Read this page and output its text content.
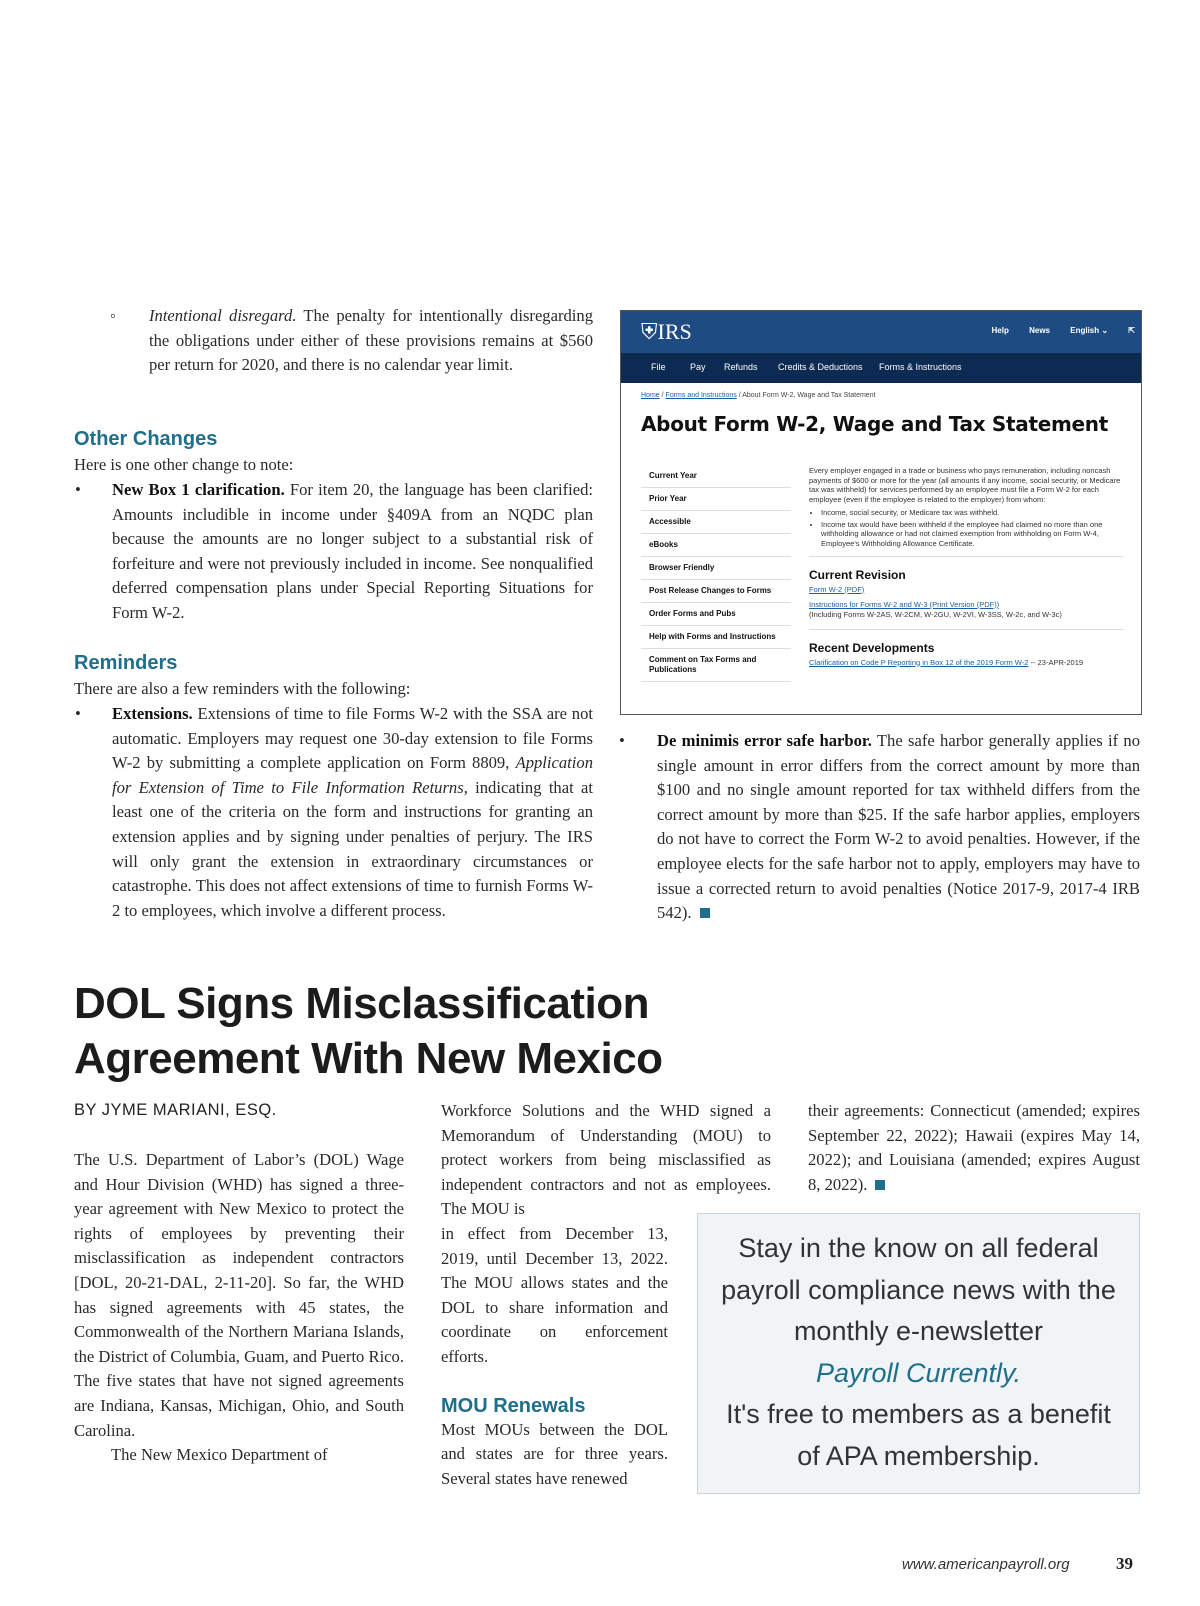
◦ Intentional disregard. The penalty for intentionally disregarding the obligations under either of these provisions remains at $560 per return for 2020, and there is no calendar year limit.
Other Changes
Here is one other change to note:
• New Box 1 clarification. For item 20, the language has been clarified: Amounts includible in income under §409A from an NQDC plan because the amounts are no longer subject to a substantial risk of forfeiture and were not previously included in income. See nonqualified deferred compensation plans under Special Reporting Situations for Form W-2.
Reminders
There are also a few reminders with the following:
• Extensions. Extensions of time to file Forms W-2 with the SSA are not automatic. Employers may request one 30-day extension to file Forms W-2 by submitting a complete application on Form 8809, Application for Extension of Time to File Information Returns, indicating that at least one of the criteria on the form and instructions for granting an extension applies and by signing under penalties of perjury. The IRS will only grant the extension in extraordinary circumstances or catastrophe. This does not affect extensions of time to furnish Forms W-2 to employees, which involve a different process.
⛨IRS	Help	News	English ⌄	⇱
File	Pay Refunds Credits & Deductions Forms & Instructions
Home / Forms and Instructions / About Form W-2, Wage and Tax Statement
About Form W-2, Wage and Tax Statement
Current Year
Prior Year
Accessible
eBooks
Browser Friendly
Post Release Changes to Forms
Order Forms and Pubs
Help with Forms and Instructions
Comment on Tax Forms and Publications
Every employer engaged in a trade or business who pays remuneration, including noncash payments of $600 or more for the year (all amounts if any income, social security, or Medicare tax was withheld) for services performed by an employee must file a Form W-2 for each employee (even if the employee is related to the employer) from whom:
• Income, social security, or Medicare tax was withheld.
• Income tax would have been withheld if the employee had claimed no more than one withholding allowance or had not claimed exemption from withholding on Form W-4, Employee's Withholding Allowance Certificate.
Current Revision
Form W-2 (PDF)
Instructions for Forms W-2 and W-3 (Print Version (PDF))
(Including Forms W-2AS, W-2CM, W-2GU, W-2VI, W-3SS, W-2c, and W-3c)
Recent Developments
Clarification on Code P Reporting in Box 12 of the 2019 Form W-2 -- 23-APR-2019
• De minimis error safe harbor. The safe harbor generally applies if no single amount in error differs from the correct amount by more than $100 and no single amount reported for tax withheld differs from the correct amount by more than $25. If the safe harbor applies, employers do not have to correct the Form W-2 to avoid penalties. However, if the employee elects for the safe harbor not to apply, employers may have to issue a corrected return to avoid penalties (Notice 2017-9, 2017-4 IRB 542).
DOL Signs Misclassification
Agreement With New Mexico
BY JYME MARIANI, ESQ.
The U.S. Department of Labor’s (DOL) Wage and Hour Division (WHD) has signed a three-year agreement with New Mexico to protect the rights of employees by preventing their misclassification as independent contractors [DOL, 20-21-DAL, 2-11-20]. So far, the WHD has signed agreements with 45 states, the Commonwealth of the Northern Mariana Islands, the District of Columbia, Guam, and Puerto Rico. The five states that have not signed agreements are Indiana, Kansas, Michigan, Ohio, and South Carolina.
The New Mexico Department of
Workforce Solutions and the WHD signed a Memorandum of Understanding (MOU) to protect workers from being misclassified as independent contractors and not as employees. The MOU is
in effect from December 13, 2019, until December 13, 2022. The MOU allows states and the DOL to share information and coordinate on enforcement efforts.
MOU Renewals
Most MOUs between the DOL and states are for three years. Several states have renewed
their agreements: Connecticut (amended; expires September 22, 2022); Hawaii (expires May 14, 2022); and Louisiana (amended; expires August 8, 2022).
Stay in the know on all federal
payroll compliance news with the
monthly e-newsletter
Payroll Currently.
It's free to members as a benefit
of APA membership.
www.americanpayroll.org	39
